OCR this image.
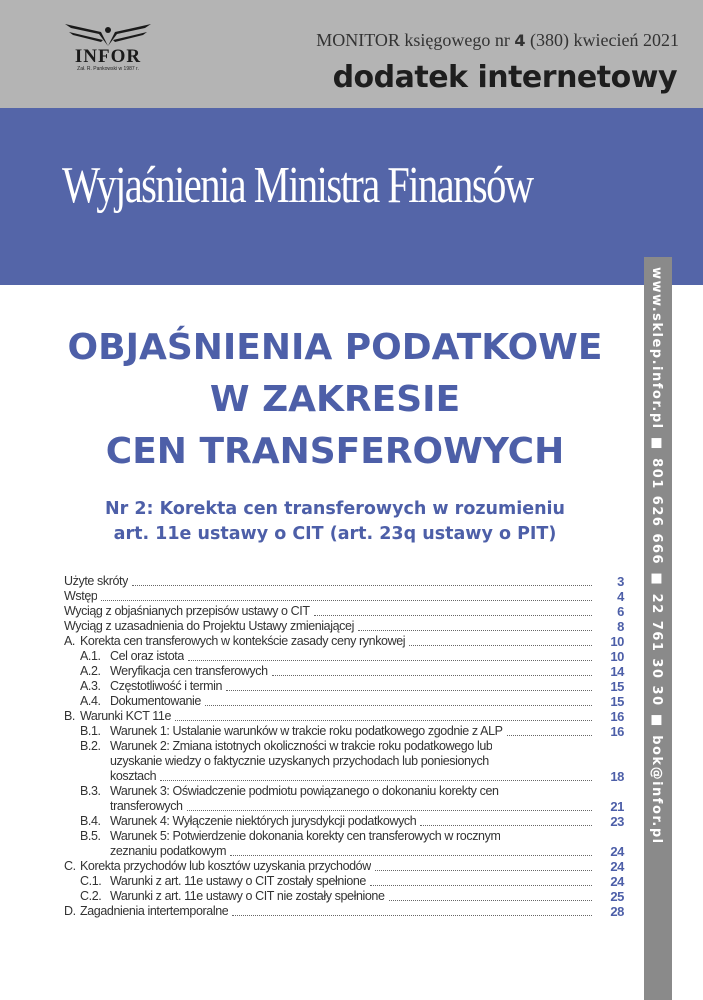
INFOR
Zał. R. Pankowski w 1987 r.
MONITOR księgowego nr 4 (380) kwiecień 2021
dodatek internetowy
Wyjaśnienia Ministra Finansów
www.sklep.infor.pl ■ 801 626 666 ■ 22 761 30 30 ■ bok@infor.pl
OBJAŚNIENIA PODATKOWE
W ZAKRESIE
CEN TRANSFEROWYCH
Nr 2: Korekta cen transferowych w rozumieniu
art. 11e ustawy o CIT (art. 23q ustawy o PIT)
Użyte skróty	3
Wstęp	4
Wyciąg z objaśnianych przepisów ustawy o CIT	6
Wyciąg z uzasadnienia do Projektu Ustawy zmieniającej	8
A. Korekta cen transferowych w kontekście zasady ceny rynkowej	10
A.1. Cel oraz istota	10
A.2. Weryfikacja cen transferowych	14
A.3. Częstotliwość i termin	15
A.4. Dokumentowanie	15
B. Warunki KCT 11e	16
B.1. Warunek 1: Ustalanie warunków w trakcie roku podatkowego zgodnie z ALP	16
B.2. Warunek 2: Zmiana istotnych okoliczności w trakcie roku podatkowego lub
uzyskanie wiedzy o faktycznie uzyskanych przychodach lub poniesionych
kosztach	18
B.3. Warunek 3: Oświadczenie podmiotu powiązanego o dokonaniu korekty cen
transferowych	21
B.4. Warunek 4: Wyłączenie niektórych jurysdykcji podatkowych	23
B.5. Warunek 5: Potwierdzenie dokonania korekty cen transferowych w rocznym
zeznaniu podatkowym	24
C. Korekta przychodów lub kosztów uzyskania przychodów	24
C.1. Warunki z art. 11e ustawy o CIT zostały spełnione	24
C.2. Warunki z art. 11e ustawy o CIT nie zostały spełnione	25
D. Zagadnienia intertemporalne	28
